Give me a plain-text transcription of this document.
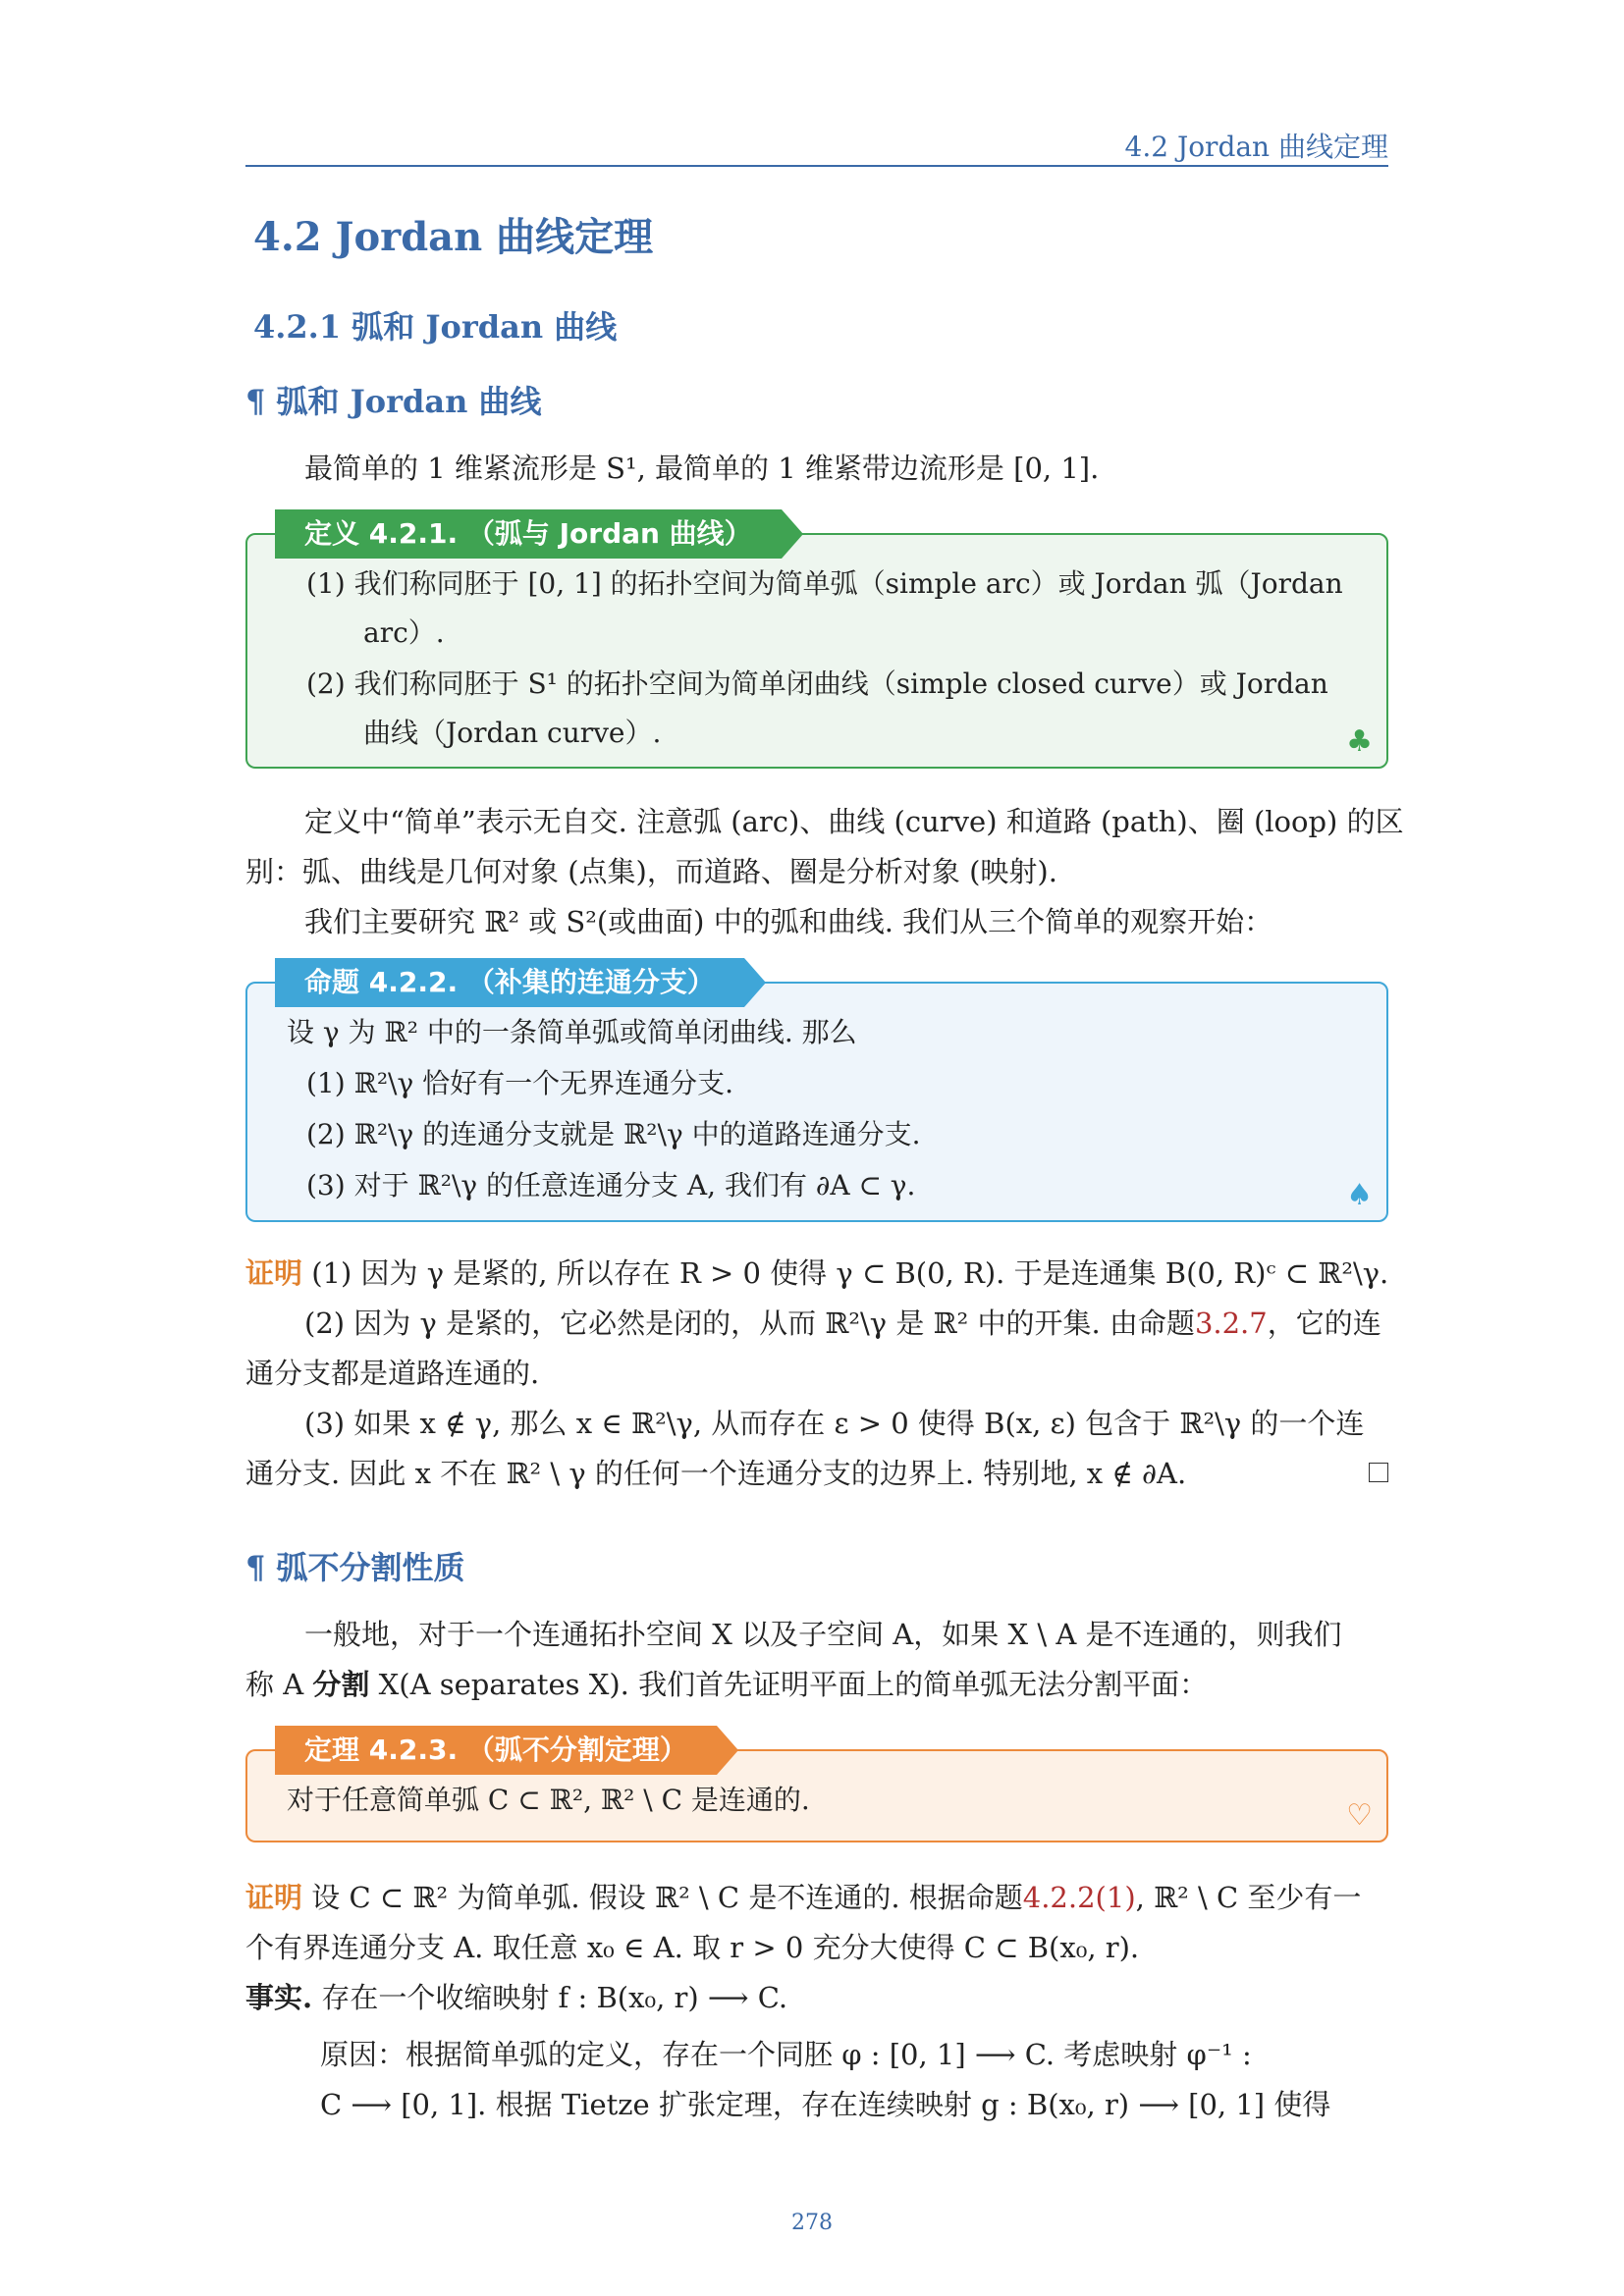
4.2 Jordan 曲线定理
4.2 Jordan 曲线定理
4.2.1 弧和 Jordan 曲线
¶ 弧和 Jordan 曲线
最简单的 1 维紧流形是 S¹, 最简单的 1 维紧带边流形是 [0, 1].
定义 4.2.1. （弧与 Jordan 曲线）
(1) 我们称同胚于 [0, 1] 的拓扑空间为简单弧（simple arc）或 Jordan 弧（Jordan
arc）.
(2) 我们称同胚于 S¹ 的拓扑空间为简单闭曲线（simple closed curve）或 Jordan
曲线（Jordan curve）.	♣
定义中“简单”表示无自交. 注意弧 (arc)、曲线 (curve) 和道路 (path)、圈 (loop) 的区
别：弧、曲线是几何对象 (点集)，而道路、圈是分析对象 (映射).
我们主要研究 ℝ² 或 S²(或曲面) 中的弧和曲线. 我们从三个简单的观察开始：
命题 4.2.2. （补集的连通分支）
设 γ 为 ℝ² 中的一条简单弧或简单闭曲线. 那么
(1) ℝ²\γ 恰好有一个无界连通分支.
(2) ℝ²\γ 的连通分支就是 ℝ²\γ 中的道路连通分支.
(3) 对于 ℝ²\γ 的任意连通分支 A, 我们有 ∂A ⊂ γ.	♠
证明 (1) 因为 γ 是紧的, 所以存在 R > 0 使得 γ ⊂ B(0, R). 于是连通集 B(0, R)ᶜ ⊂ ℝ²\γ.
(2) 因为 γ 是紧的，它必然是闭的，从而 ℝ²\γ 是 ℝ² 中的开集. 由命题3.2.7，它的连
通分支都是道路连通的.
(3) 如果 x ∉ γ, 那么 x ∈ ℝ²\γ, 从而存在 ε > 0 使得 B(x, ε) 包含于 ℝ²\γ 的一个连
通分支. 因此 x 不在 ℝ² \ γ 的任何一个连通分支的边界上. 特别地, x ∉ ∂A.
¶ 弧不分割性质
一般地，对于一个连通拓扑空间 X 以及子空间 A，如果 X \ A 是不连通的，则我们
称 A 分割 X(A separates X). 我们首先证明平面上的简单弧无法分割平面：
定理 4.2.3. （弧不分割定理）
对于任意简单弧 C ⊂ ℝ², ℝ² \ C 是连通的.	♡
证明 设 C ⊂ ℝ² 为简单弧. 假设 ℝ² \ C 是不连通的. 根据命题4.2.2(1), ℝ² \ C 至少有一
个有界连通分支 A. 取任意 x₀ ∈ A. 取 r > 0 充分大使得 C ⊂ B(x₀, r).
事实. 存在一个收缩映射 f : B(x₀, r) ⟶ C.
原因：根据简单弧的定义，存在一个同胚 φ : [0, 1] ⟶ C. 考虑映射 φ⁻¹ :
C ⟶ [0, 1]. 根据 Tietze 扩张定理，存在连续映射 g : B(x₀, r) ⟶ [0, 1] 使得
278
